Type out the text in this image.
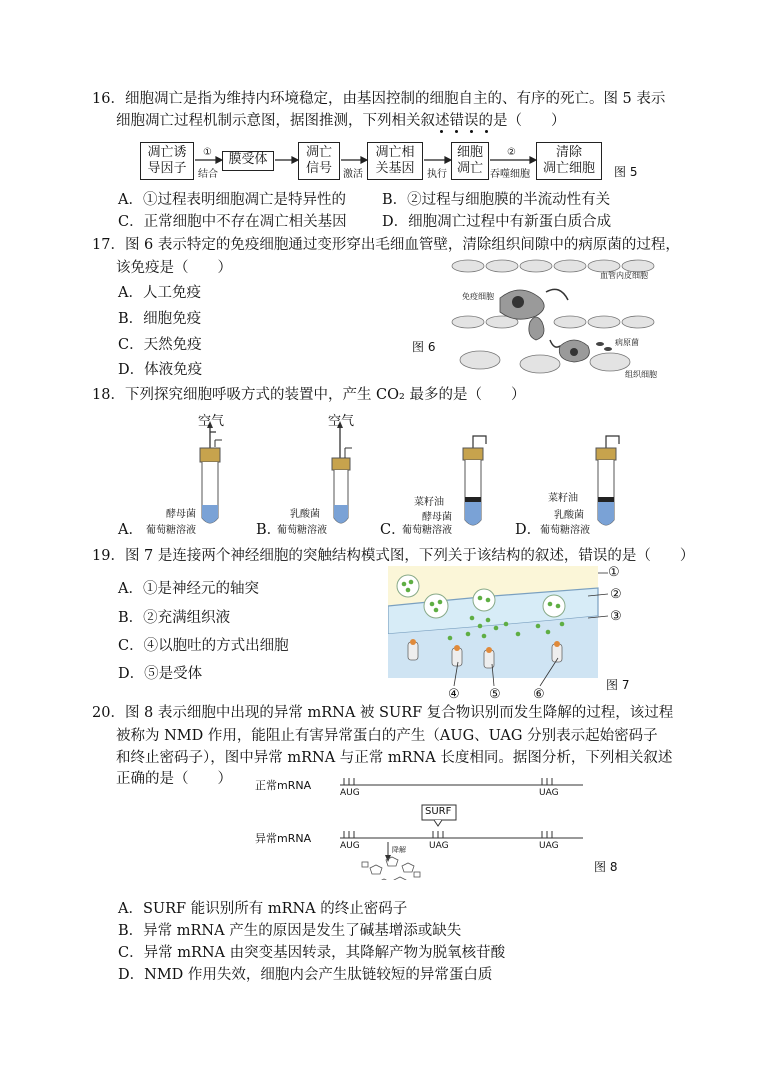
16．细胞凋亡是指为维持内环境稳定，由基因控制的细胞自主的、有序的死亡。图 5 表示
细胞凋亡过程机制示意图，据图推测，下列相关叙述错误的是（　　）
凋亡诱
导因子
①
结合
膜受体	凋亡
信号	激活
凋亡相
关基因	执行
细胞
凋亡
②
吞噬细胞
清除
凋亡细胞	图 5
A．①过程表明细胞凋亡是特异性的 B．②过程与细胞膜的半流动性有关
C．正常细胞中不存在凋亡相关基因 D．细胞凋亡过程中有新蛋白质合成
17．图 6 表示特定的免疫细胞通过变形穿出毛细血管壁，清除组织间隙中的病原菌的过程，
该免疫是（　　）
A．人工免疫
B．细胞免疫
C．天然免疫
D．体液免疫
图 6
血管内皮细胞
免疫细胞
病原菌
组织细胞
18．下列探究细胞呼吸方式的装置中，产生 CO₂ 最多的是（　　）
空气
酵母菌
葡萄糖溶液
A．
空气
乳酸菌
葡萄糖溶液
B．
菜籽油
酵母菌
葡萄糖溶液
C．
菜籽油
乳酸菌
葡萄糖溶液
D．
19．图 7 是连接两个神经细胞的突触结构模式图，下列关于该结构的叙述，错误的是（　　）
A．①是神经元的轴突
B．②充满组织液
C．④以胞吐的方式出细胞
D．⑤是受体
①
②
③
④ ⑤ ⑥
图 7
20．图 8 表示细胞中出现的异常 mRNA 被 SURF 复合物识别而发生降解的过程，该过程
被称为 NMD 作用，能阻止有害异常蛋白的产生（AUG、UAG 分别表示起始密码子
和终止密码子），图中异常 mRNA 与正常 mRNA 长度相同。据图分析，下列相关叙述
正确的是（　　） 正常mRNA
AUG	UAG
异常mRNA
AUG	UAG	UAG
SURF
降解
图 8
A．SURF 能识别所有 mRNA 的终止密码子
B．异常 mRNA 产生的原因是发生了碱基增添或缺失
C．异常 mRNA 由突变基因转录，其降解产物为脱氧核苷酸
D．NMD 作用失效，细胞内会产生肽链较短的异常蛋白质
